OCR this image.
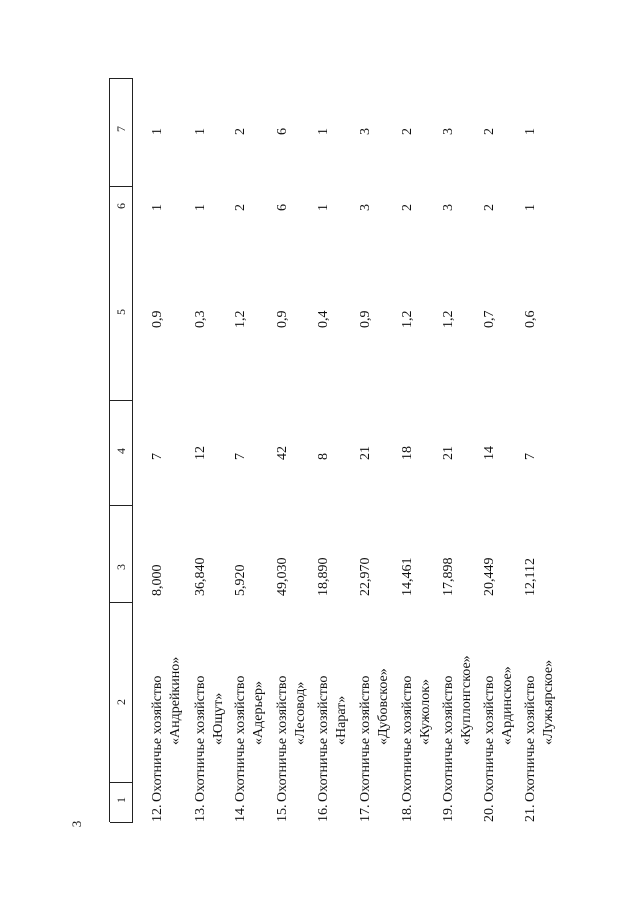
3
1
2
3
4
5
6
7
12.
Охотничье хозяйство «Андрейкино»
8,000
7
0,9
1
1
13.
Охотничье хозяйство «Ющут»
36,840
12
0,3
1
1
14.
Охотничье хозяйство «Адерьер»
5,920
7
1,2
2
2
15.
Охотничье хозяйство «Лесовод»
49,030
42
0,9
6
6
16.
Охотничье хозяйство «Нарат»
18,890
8
0,4
1
1
17.
Охотничье хозяйство «Дубовское»
22,970
21
0,9
3
3
18.
Охотничье хозяйство «Кужолок»
14,461
18
1,2
2
2
19.
Охотничье хозяйство «Куплонгское»
17,898
21
1,2
3
3
20.
Охотничье хозяйство «Ардинское»
20,449
14
0,7
2
2
21.
Охотничье хозяйство «Лужьярское»
12,112
7
0,6
1
1
